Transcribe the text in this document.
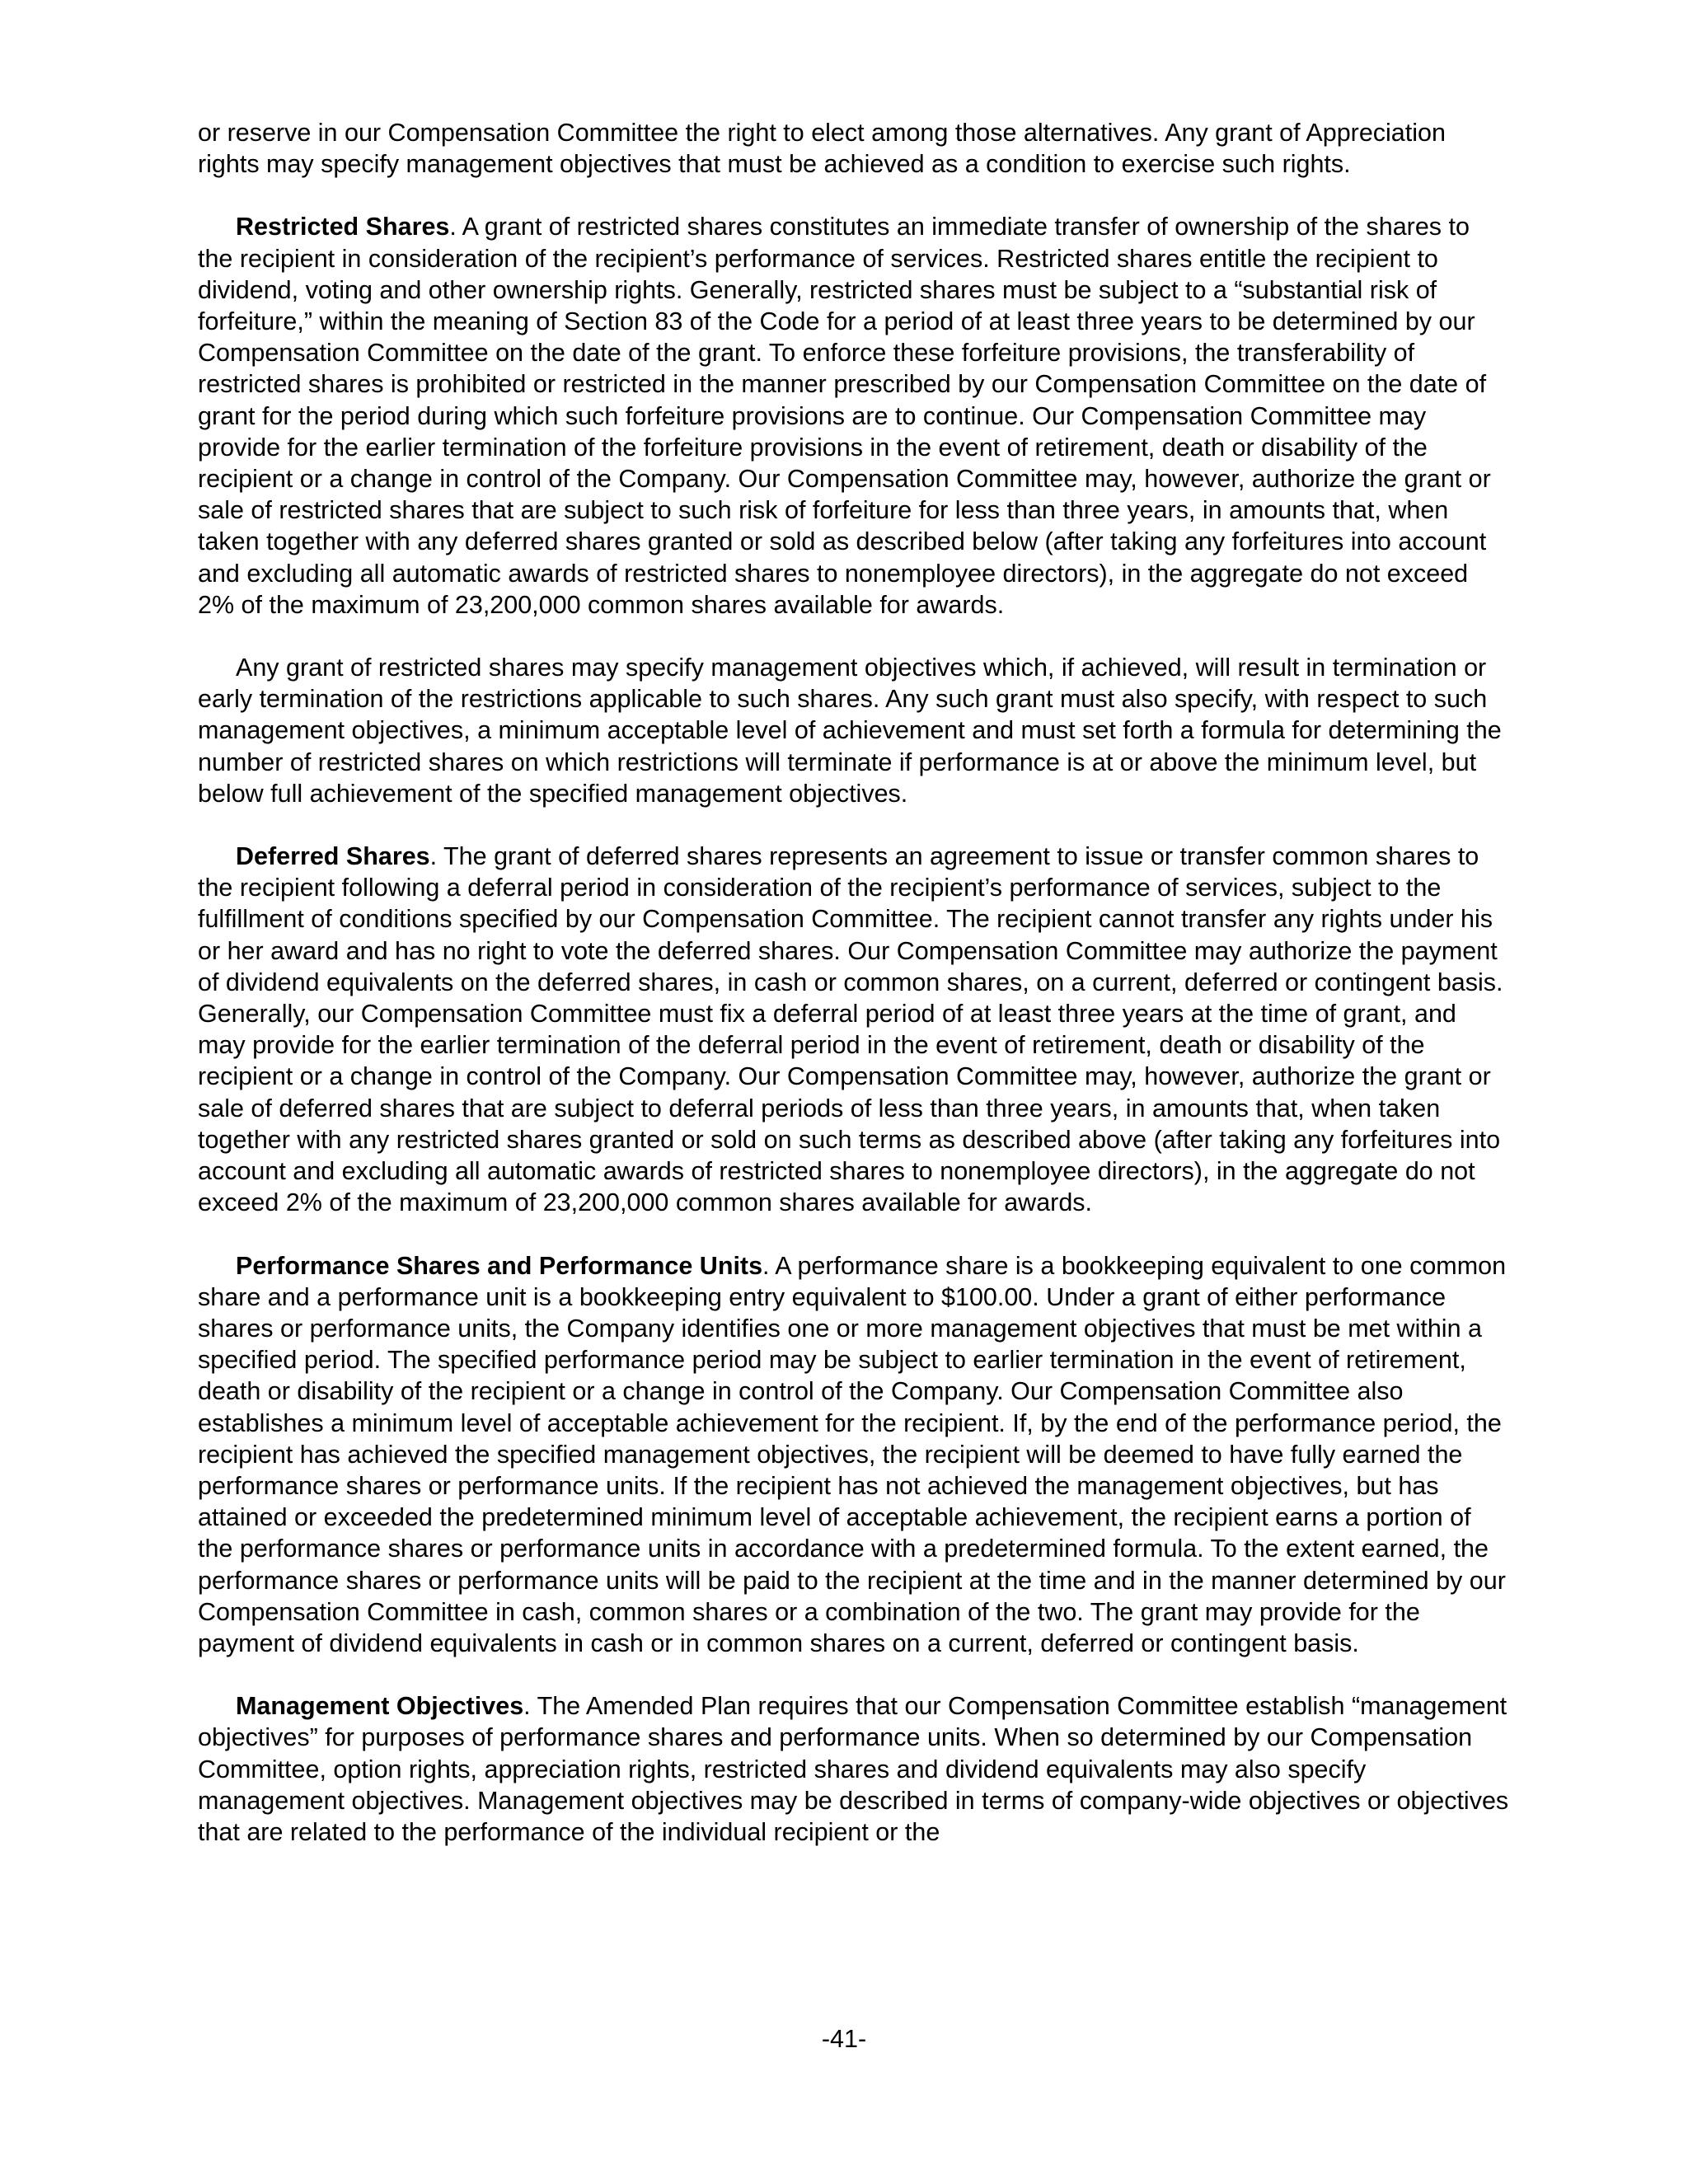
or reserve in our Compensation Committee the right to elect among those alternatives. Any grant of Appreciation rights may specify management objectives that must be achieved as a condition to exercise such rights.

Restricted Shares. A grant of restricted shares constitutes an immediate transfer of ownership of the shares to the recipient in consideration of the recipient’s performance of services. Restricted shares entitle the recipient to dividend, voting and other ownership rights. Generally, restricted shares must be subject to a “substantial risk of forfeiture,” within the meaning of Section 83 of the Code for a period of at least three years to be determined by our Compensation Committee on the date of the grant. To enforce these forfeiture provisions, the transferability of restricted shares is prohibited or restricted in the manner prescribed by our Compensation Committee on the date of grant for the period during which such forfeiture provisions are to continue. Our Compensation Committee may provide for the earlier termination of the forfeiture provisions in the event of retirement, death or disability of the recipient or a change in control of the Company. Our Compensation Committee may, however, authorize the grant or sale of restricted shares that are subject to such risk of forfeiture for less than three years, in amounts that, when taken together with any deferred shares granted or sold as described below (after taking any forfeitures into account and excluding all automatic awards of restricted shares to nonemployee directors), in the aggregate do not exceed 2% of the maximum of 23,200,000 common shares available for awards.

Any grant of restricted shares may specify management objectives which, if achieved, will result in termination or early termination of the restrictions applicable to such shares. Any such grant must also specify, with respect to such management objectives, a minimum acceptable level of achievement and must set forth a formula for determining the number of restricted shares on which restrictions will terminate if performance is at or above the minimum level, but below full achievement of the specified management objectives.

Deferred Shares. The grant of deferred shares represents an agreement to issue or transfer common shares to the recipient following a deferral period in consideration of the recipient’s performance of services, subject to the fulfillment of conditions specified by our Compensation Committee. The recipient cannot transfer any rights under his or her award and has no right to vote the deferred shares. Our Compensation Committee may authorize the payment of dividend equivalents on the deferred shares, in cash or common shares, on a current, deferred or contingent basis. Generally, our Compensation Committee must fix a deferral period of at least three years at the time of grant, and may provide for the earlier termination of the deferral period in the event of retirement, death or disability of the recipient or a change in control of the Company. Our Compensation Committee may, however, authorize the grant or sale of deferred shares that are subject to deferral periods of less than three years, in amounts that, when taken together with any restricted shares granted or sold on such terms as described above (after taking any forfeitures into account and excluding all automatic awards of restricted shares to nonemployee directors), in the aggregate do not exceed 2% of the maximum of 23,200,000 common shares available for awards.

Performance Shares and Performance Units. A performance share is a bookkeeping equivalent to one common share and a performance unit is a bookkeeping entry equivalent to $100.00. Under a grant of either performance shares or performance units, the Company identifies one or more management objectives that must be met within a specified period. The specified performance period may be subject to earlier termination in the event of retirement, death or disability of the recipient or a change in control of the Company. Our Compensation Committee also establishes a minimum level of acceptable achievement for the recipient. If, by the end of the performance period, the recipient has achieved the specified management objectives, the recipient will be deemed to have fully earned the performance shares or performance units. If the recipient has not achieved the management objectives, but has attained or exceeded the predetermined minimum level of acceptable achievement, the recipient earns a portion of the performance shares or performance units in accordance with a predetermined formula. To the extent earned, the performance shares or performance units will be paid to the recipient at the time and in the manner determined by our Compensation Committee in cash, common shares or a combination of the two. The grant may provide for the payment of dividend equivalents in cash or in common shares on a current, deferred or contingent basis.

Management Objectives. The Amended Plan requires that our Compensation Committee establish “management objectives” for purposes of performance shares and performance units. When so determined by our Compensation Committee, option rights, appreciation rights, restricted shares and dividend equivalents may also specify management objectives. Management objectives may be described in terms of company-wide objectives or objectives that are related to the performance of the individual recipient or the

-41-
